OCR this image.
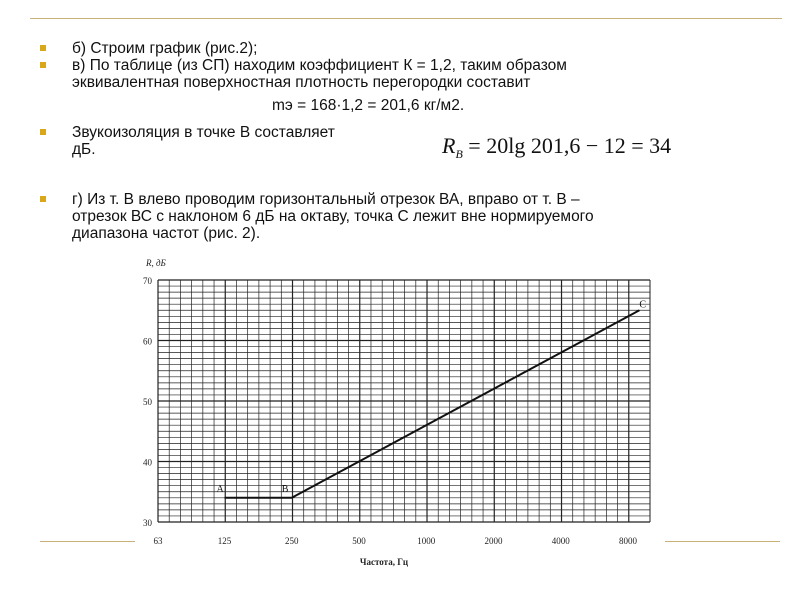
б) Строим график (рис.2);
в) По таблице (из СП) находим коэффициент К = 1,2, таким образом
эквивалентная поверхностная плотность перегородки составит
mэ = 168·1,2 = 201,6 кг/м2.
Звукоизоляция в точке В составляет
дБ.
г) Из т. В влево проводим горизонтальный отрезок ВА, вправо от т. В –
отрезок ВС с наклоном 6 дБ на октаву, точка С лежит вне нормируемого
диапазона частот (рис. 2).
$R_B = 20\lg$ 201,6 − 12 = 34
30
40
50
60
70
63	125	250	500	1000	2000	4000	8000
R, дБ
Частота, Гц
A	B
C
